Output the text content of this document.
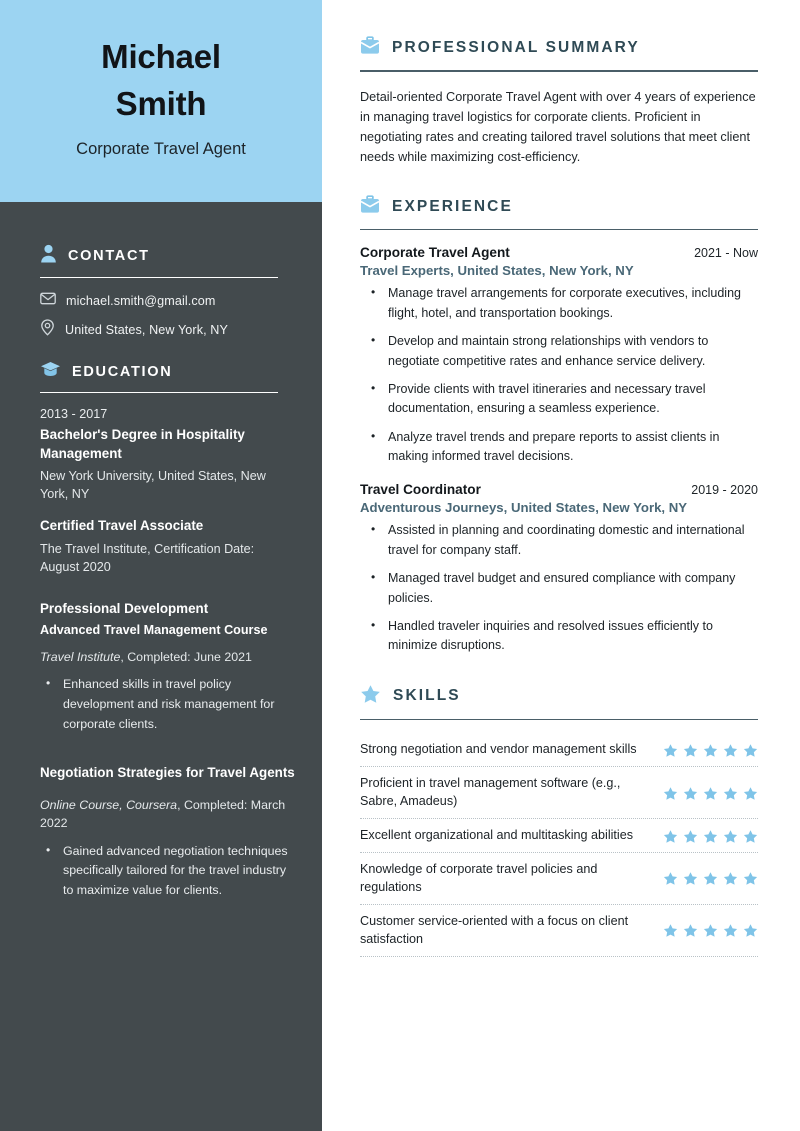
Michael
Smith
Corporate Travel Agent
CONTACT
michael.smith@gmail.com
United States, New York, NY
EDUCATION
2013 - 2017
Bachelor's Degree in Hospitality Management
New York University, United States, New York, NY
Certified Travel Associate
The Travel Institute, Certification Date: August 2020
Professional Development
Advanced Travel Management Course
Travel Institute, Completed: June 2021
• Enhanced skills in travel policy development and risk management for corporate clients.
Negotiation Strategies for Travel Agents
Online Course, Coursera, Completed: March 2022
• Gained advanced negotiation techniques specifically tailored for the travel industry to maximize value for clients.
PROFESSIONAL SUMMARY

Detail-oriented Corporate Travel Agent with over 4 years of experience in managing travel logistics for corporate clients. Proficient in negotiating rates and creating tailored travel solutions that meet client needs while maximizing cost-efficiency.

EXPERIENCE
Corporate Travel Agent	2021 - Now
Travel Experts, United States, New York, NY
• Manage travel arrangements for corporate executives, including flight, hotel, and transportation bookings.
• Develop and maintain strong relationships with vendors to negotiate competitive rates and enhance service delivery.
• Provide clients with travel itineraries and necessary travel documentation, ensuring a seamless experience.
• Analyze travel trends and prepare reports to assist clients in making informed travel decisions.
Travel Coordinator	2019 - 2020
Adventurous Journeys, United States, New York, NY
• Assisted in planning and coordinating domestic and international travel for company staff.
• Managed travel budget and ensured compliance with company policies.
• Handled traveler inquiries and resolved issues efficiently to minimize disruptions.
SKILLS
Strong negotiation and vendor management skills
Proficient in travel management software (e.g., Sabre, Amadeus)
Excellent organizational and multitasking abilities
Knowledge of corporate travel policies and regulations
Customer service-oriented with a focus on client satisfaction
